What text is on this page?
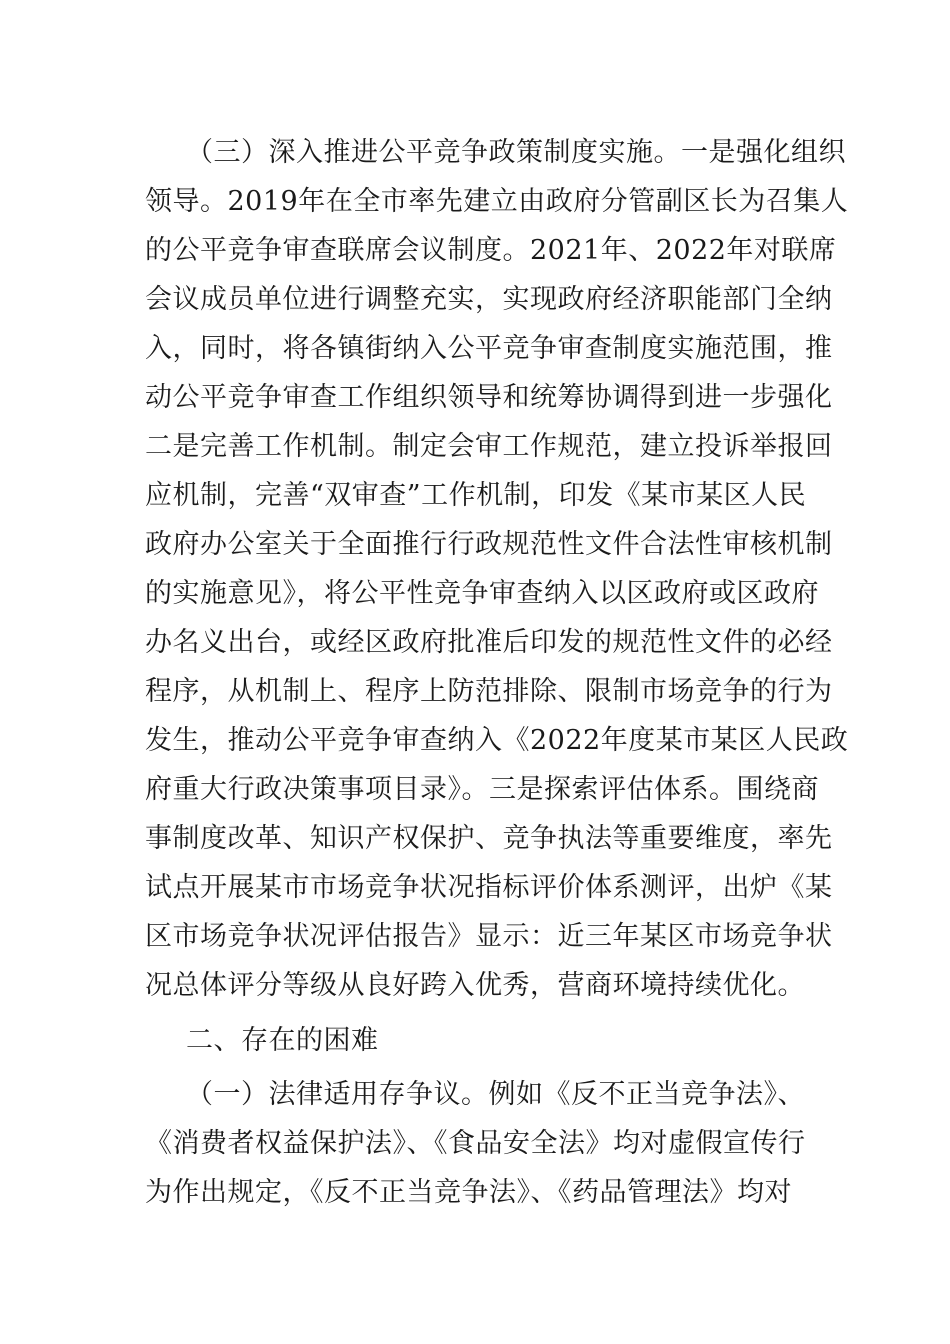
（三）深入推进公平竞争政策制度实施。一是强化组织
领导。2019年在全市率先建立由政府分管副区长为召集人
的公平竞争审查联席会议制度。2021年、2022年对联席
会议成员单位进行调整充实，实现政府经济职能部门全纳
入，同时，将各镇街纳入公平竞争审查制度实施范围，推
动公平竞争审查工作组织领导和统筹协调得到进一步强化
二是完善工作机制。制定会审工作规范，建立投诉举报回
应机制，完善“双审查”工作机制，印发《某市某区人民
政府办公室关于全面推行行政规范性文件合法性审核机制
的实施意见》，将公平性竞争审查纳入以区政府或区政府
办名义出台，或经区政府批准后印发的规范性文件的必经
程序，从机制上、程序上防范排除、限制市场竞争的行为
发生，推动公平竞争审查纳入《2022年度某市某区人民政
府重大行政决策事项目录》。三是探索评估体系。围绕商
事制度改革、知识产权保护、竞争执法等重要维度，率先
试点开展某市市场竞争状况指标评价体系测评，出炉《某
区市场竞争状况评估报告》显示：近三年某区市场竞争状
况总体评分等级从良好跨入优秀，营商环境持续优化。
二、存在的困难
（一）法律适用存争议。例如《反不正当竞争法》、
《消费者权益保护法》、《食品安全法》均对虚假宣传行
为作出规定，《反不正当竞争法》、《药品管理法》均对
